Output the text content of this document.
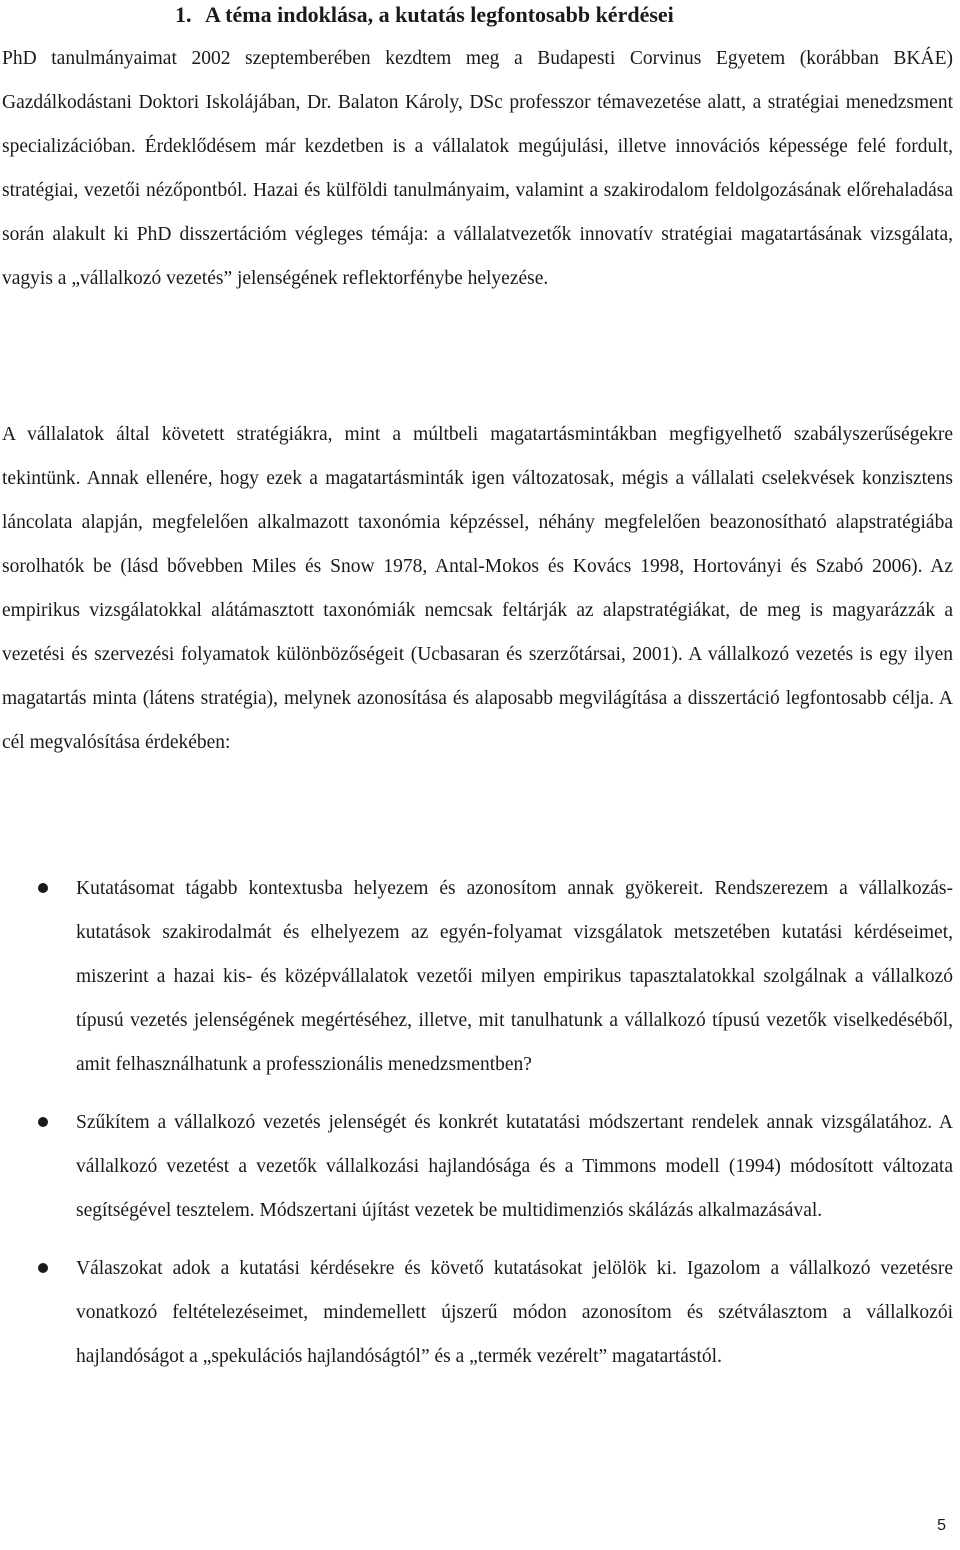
1. A téma indoklása, a kutatás legfontosabb kérdései

PhD tanulmányaimat 2002 szeptemberében kezdtem meg a Budapesti Corvinus Egyetem (korábban BKÁE) Gazdálkodástani Doktori Iskolájában, Dr. Balaton Károly, DSc professzor témavezetése alatt, a stratégiai menedzsment specializációban. Érdeklődésem már kezdetben is a vállalatok megújulási, illetve innovációs képessége felé fordult, stratégiai, vezetői nézőpontból. Hazai és külföldi tanulmányaim, valamint a szakirodalom feldolgozásának előrehaladása során alakult ki PhD disszertációm végleges témája: a vállalatvezetők innovatív stratégiai magatartásának vizsgálata, vagyis a „vállalkozó vezetés” jelenségének reflektorfénybe helyezése.

A vállalatok által követett stratégiákra, mint a múltbeli magatartásmintákban megfigyelhető szabályszerűségekre tekintünk. Annak ellenére, hogy ezek a magatartásminták igen változatosak, mégis a vállalati cselekvések konzisztens láncolata alapján, megfelelően alkalmazott taxonómia képzéssel, néhány megfelelően beazonosítható alapstratégiába sorolhatók be (lásd bővebben Miles és Snow 1978, Antal-Mokos és Kovács 1998, Hortoványi és Szabó 2006). Az empirikus vizsgálatokkal alátámasztott taxonómiák nemcsak feltárják az alapstratégiákat, de meg is magyarázzák a vezetési és szervezési folyamatok különbözőségeit (Ucbasaran és szerzőtársai, 2001). A vállalkozó vezetés is egy ilyen magatartás minta (látens stratégia), melynek azonosítása és alaposabb megvilágítása a disszertáció legfontosabb célja. A cél megvalósítása érdekében:

Kutatásomat tágabb kontextusba helyezem és azonosítom annak gyökereit. Rendszerezem a vállalkozás-kutatások szakirodalmát és elhelyezem az egyén-folyamat vizsgálatok metszetében kutatási kérdéseimet, miszerint a hazai kis- és középvállalatok vezetői milyen empirikus tapasztalatokkal szolgálnak a vállalkozó típusú vezetés jelenségének megértéséhez, illetve, mit tanulhatunk a vállalkozó típusú vezetők viselkedéséből, amit felhasználhatunk a professzionális menedzsmentben?
Szűkítem a vállalkozó vezetés jelenségét és konkrét kutatatási módszertant rendelek annak vizsgálatához. A vállalkozó vezetést a vezetők vállalkozási hajlandósága és a Timmons modell (1994) módosított változata segítségével tesztelem. Módszertani újítást vezetek be multidimenziós skálázás alkalmazásával.
Válaszokat adok a kutatási kérdésekre és követő kutatásokat jelölök ki. Igazolom a vállalkozó vezetésre vonatkozó feltételezéseimet, mindemellett újszerű módon azonosítom és szétválasztom a vállalkozói hajlandóságot a „spekulációs hajlandóságtól” és a „termék vezérelt” magatartástól.
5
